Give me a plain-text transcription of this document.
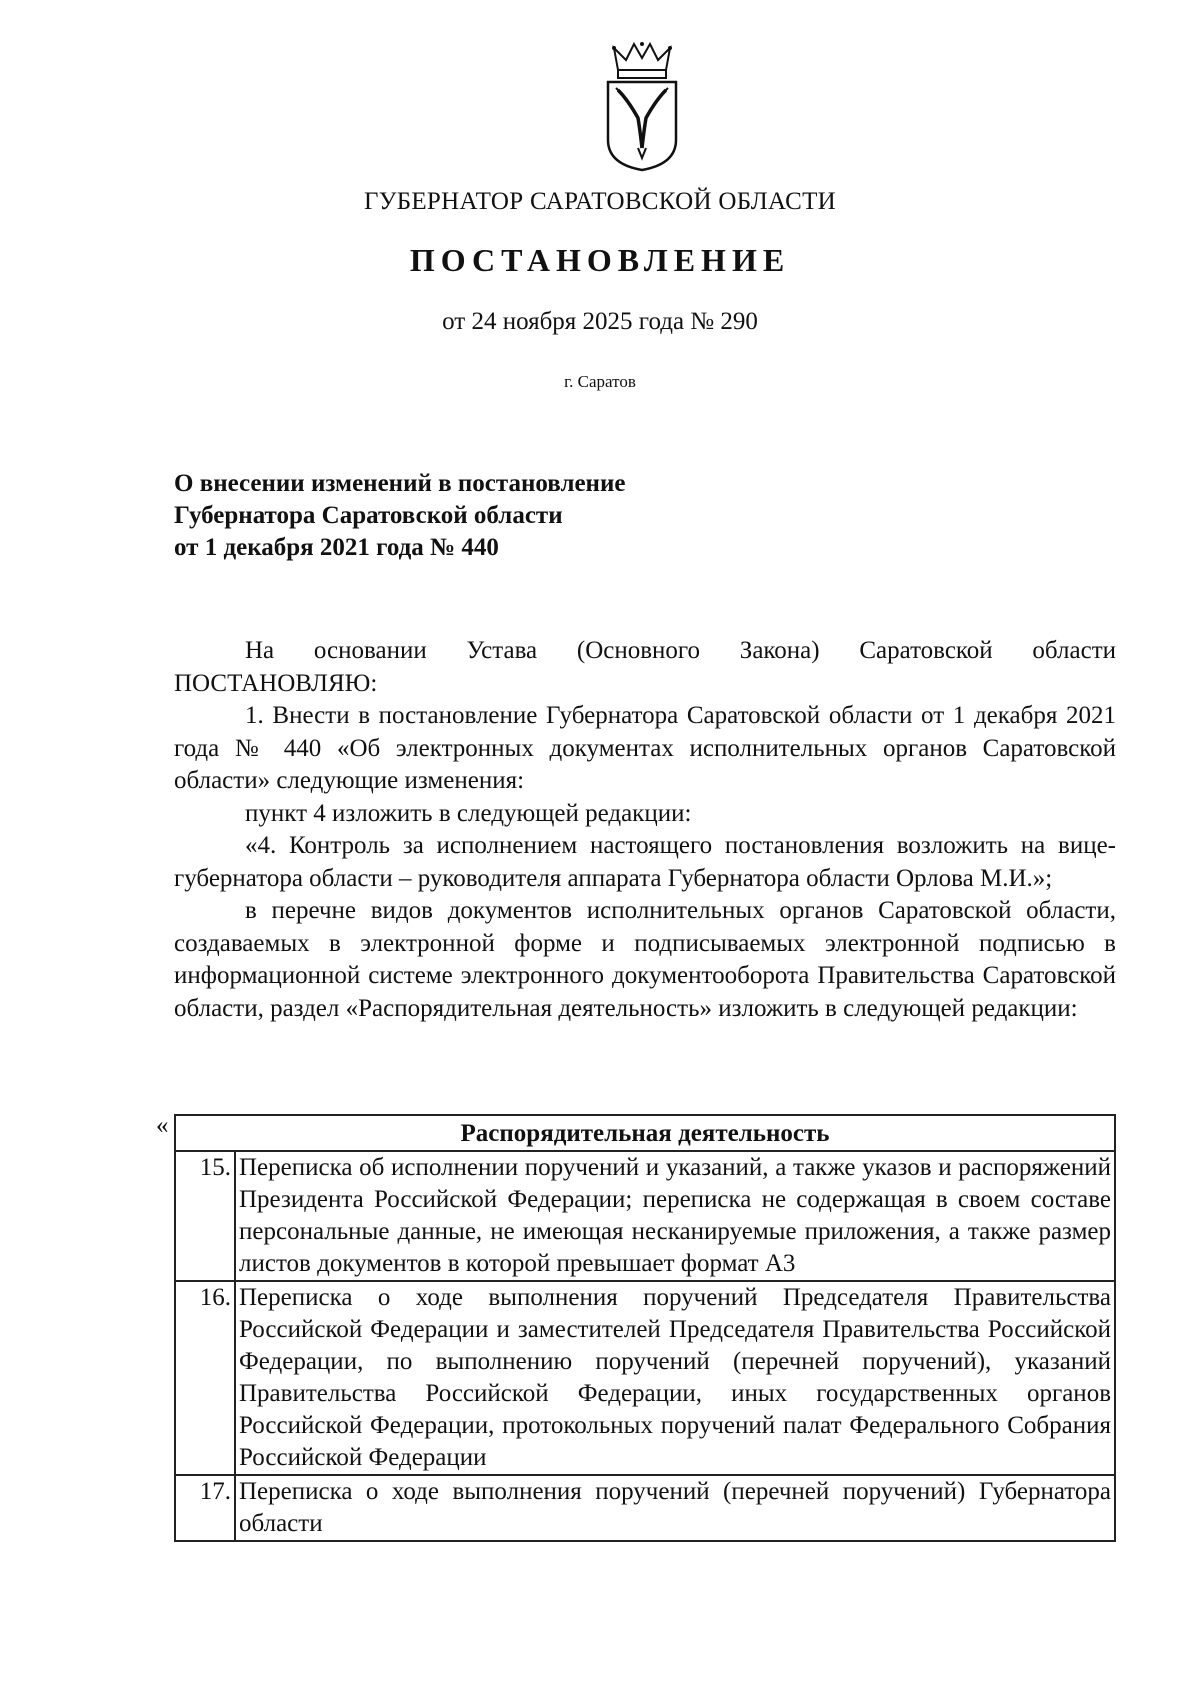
ГУБЕРНАТОР САРАТОВСКОЙ ОБЛАСТИ
ПОСТАНОВЛЕНИЕ
от 24 ноября 2025 года № 290
г. Саратов
О внесении изменений в постановление
Губернатора Саратовской области
от 1 декабря 2021 года № 440

На основании Устава (Основного Закона) Саратовской области ПОСТАНОВЛЯЮ:

1. Внести в постановление Губернатора Саратовской области от 1 декабря 2021 года № 440 «Об электронных документах исполнительных органов Саратовской области» следующие изменения:

пункт 4 изложить в следующей редакции:

«4. Контроль за исполнением настоящего постановления возложить на вице-губернатора области – руководителя аппарата Губернатора области Орлова М.И.»;

в перечне видов документов исполнительных органов Саратовской области, создаваемых в электронной форме и подписываемых электронной подписью в информационной системе электронного документооборота Правительства Саратовской области, раздел «Распорядительная деятельность» изложить в следующей редакции:

«	Распорядительная деятельность	
15.	Переписка об исполнении поручений и указаний, а также указов и распоряжений Президента Российской Федерации; переписка не содержащая в своем составе персональные данные, не имеющая несканируемые приложения, а также размер листов документов в которой превышает формат А3
16.	Переписка о ходе выполнения поручений Председателя Правительства Российской Федерации и заместителей Председателя Правительства Российской Федерации, по выполнению поручений (перечней поручений), указаний Правительства Российской Федерации, иных государственных органов Российской Федерации, протокольных поручений палат Федерального Собрания Российской Федерации
17.	Переписка о ходе выполнения поручений (перечней поручений) Губернатора области
